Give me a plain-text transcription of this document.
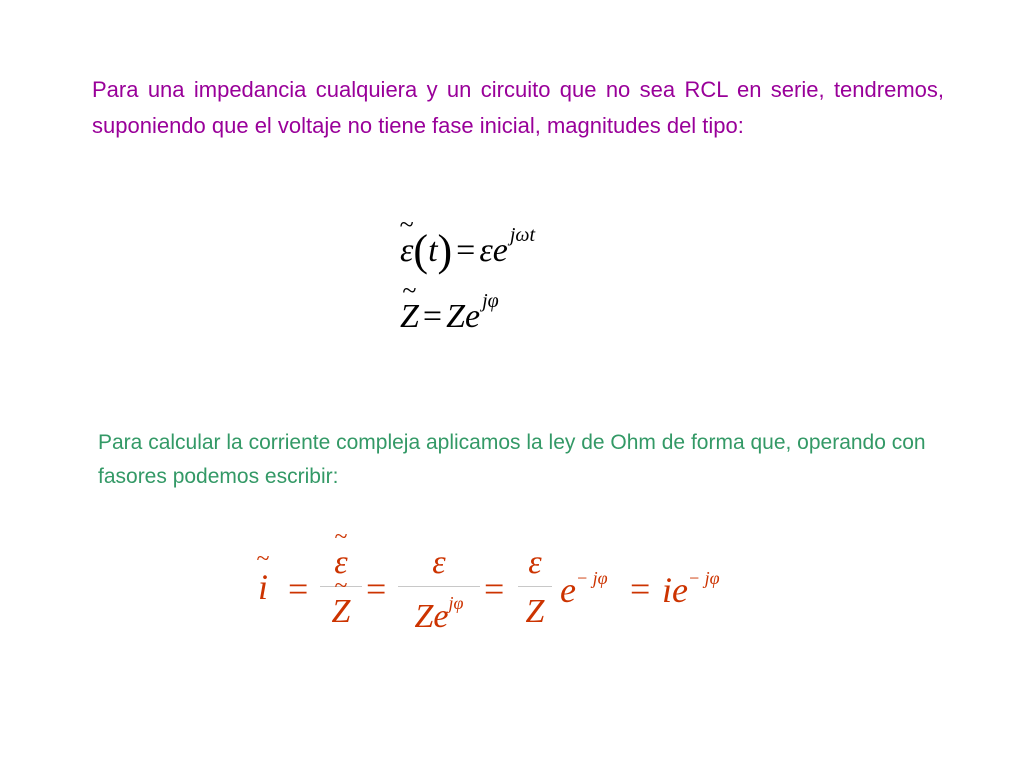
Para una impedancia cualquiera y un circuito que no sea RCL en serie, tendremos, suponiendo que el voltaje no tiene fase inicial, magnitudes del tipo:

~ ε(t) = εe $^{j\omega t}$
~ Z = Ze $^{j\varphi}$

Para calcular la corriente compleja aplicamos la ley de Ohm de forma que, operando con fasores podemos escribir:

~ i =
~ ε
~ Z
=
ε
$Ze^{j\varphi}$ =
ε
Z
$e^{- j\varphi} = ie^{- j\varphi}$
